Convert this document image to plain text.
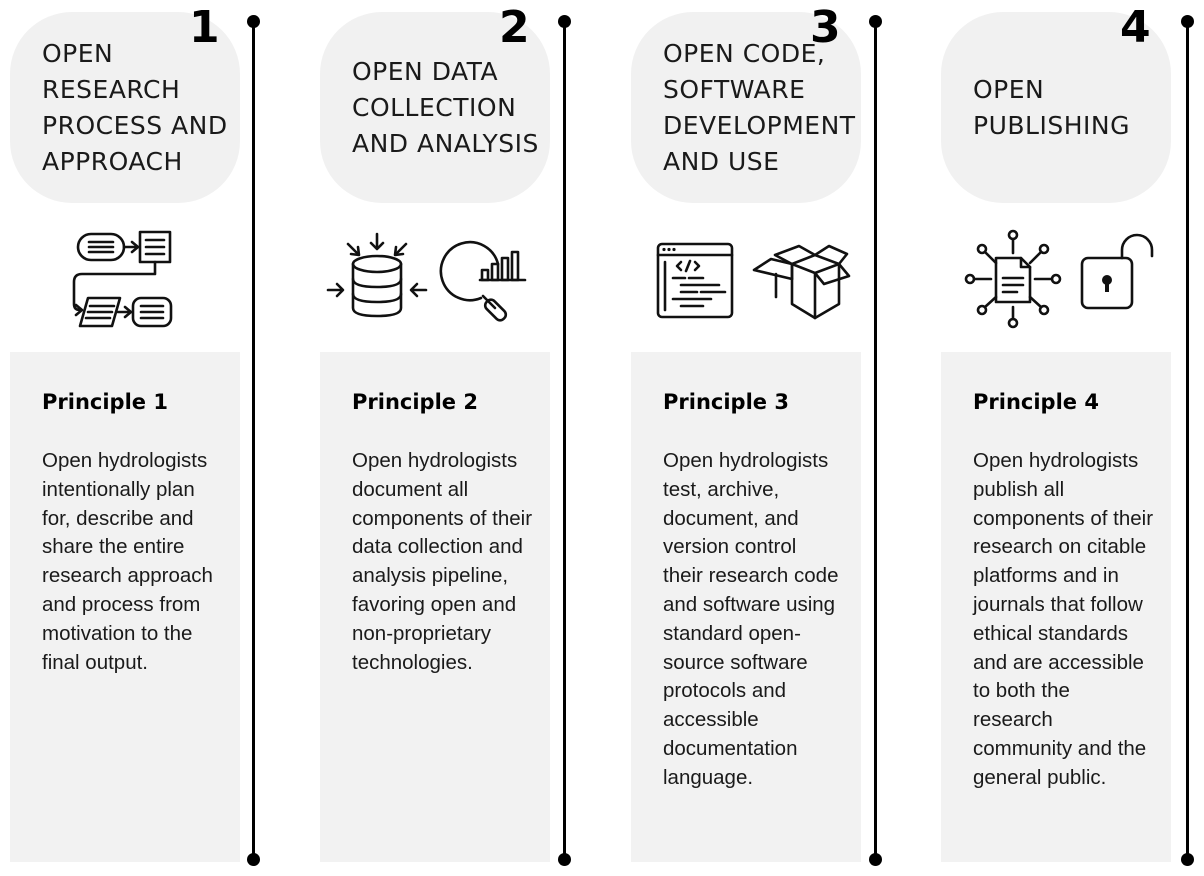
OPEN
RESEARCH
PROCESS AND
APPROACH
1
Principle 1
Open hydrologists
intentionally plan
for, describe and
share the entire
research approach
and process from
motivation to the
final output.
OPEN DATA
COLLECTION
AND ANALYSIS
2
Principle 2
Open hydrologists
document all
components of their
data collection and
analysis pipeline,
favoring open and
non-proprietary
technologies.
OPEN CODE,
SOFTWARE
DEVELOPMENT
AND USE
3
Principle 3
Open hydrologists
test, archive,
document, and
version control
their research code
and software using
standard open-
source software
protocols and
accessible
documentation
language.
OPEN
PUBLISHING
4
Principle 4
Open hydrologists
publish all
components of their
research on citable
platforms and in
journals that follow
ethical standards
and are accessible
to both the
research
community and the
general public.
